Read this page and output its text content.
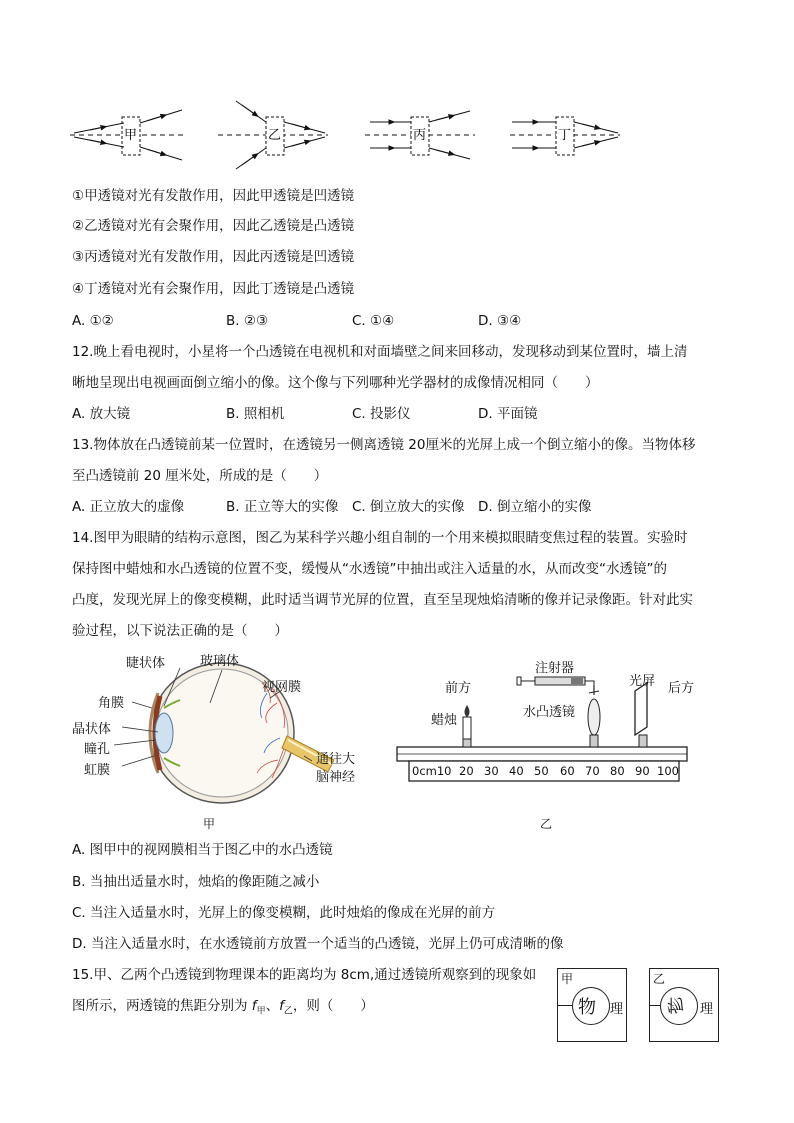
甲	乙	丙	丁
①甲透镜对光有发散作用，因此甲透镜是凹透镜
②乙透镜对光有会聚作用，因此乙透镜是凸透镜
③丙透镜对光有发散作用，因此丙透镜是凹透镜
④丁透镜对光有会聚作用，因此丁透镜是凸透镜
A. ①②	B. ②③	C. ①④	D. ③④
12.晚上看电视时，小星将一个凸透镜在电视机和对面墙壁之间来回移动，发现移动到某位置时，墙上清
晰地呈现出电视画面倒立缩小的像。这个像与下列哪种光学器材的成像情况相同（　　）
A. 放大镜	B. 照相机	C. 投影仪	D. 平面镜
13.物体放在凸透镜前某一位置时，在透镜另一侧离透镜 20厘米的光屏上成一个倒立缩小的像。当物体移
至凸透镜前 20 厘米处，所成的是（　　）
A. 正立放大的虚像	B. 正立等大的实像 C. 倒立放大的实像 D. 倒立缩小的实像
14.图甲为眼睛的结构示意图，图乙为某科学兴趣小组自制的一个用来模拟眼睛变焦过程的装置。实验时
保持图中蜡烛和水凸透镜的位置不变，缓慢从“水透镜”中抽出或注入适量的水，从而改变“水透镜”的
凸度，发现光屏上的像变模糊，此时适当调节光屏的位置，直至呈现烛焰清晰的像并记录像距。针对此实
验过程，以下说法正确的是（　　）
睫状体	玻璃体
视网膜
角膜
晶状体
瞳孔
虹膜
通往大
脑神经
甲
0cm10 20 30 40 50 60 70 80 90 100
前方
注射器
光屏 后方
蜡烛
水凸透镜
乙
A. 图甲中的视网膜相当于图乙中的水凸透镜
B. 当抽出适量水时，烛焰的像距随之减小
C. 当注入适量水时，光屏上的像变模糊，此时烛焰的像成在光屏的前方
D. 当注入适量水时，在水透镜前方放置一个适当的凸透镜，光屏上仍可成清晰的像
15.甲、乙两个凸透镜到物理课本的距离均为 8cm,通过透镜所观察到的现象如
图所示，两透镜的焦距分别为 $f_甲$、$f_乙$，则（　　）
甲
物 理
乙
物 理
